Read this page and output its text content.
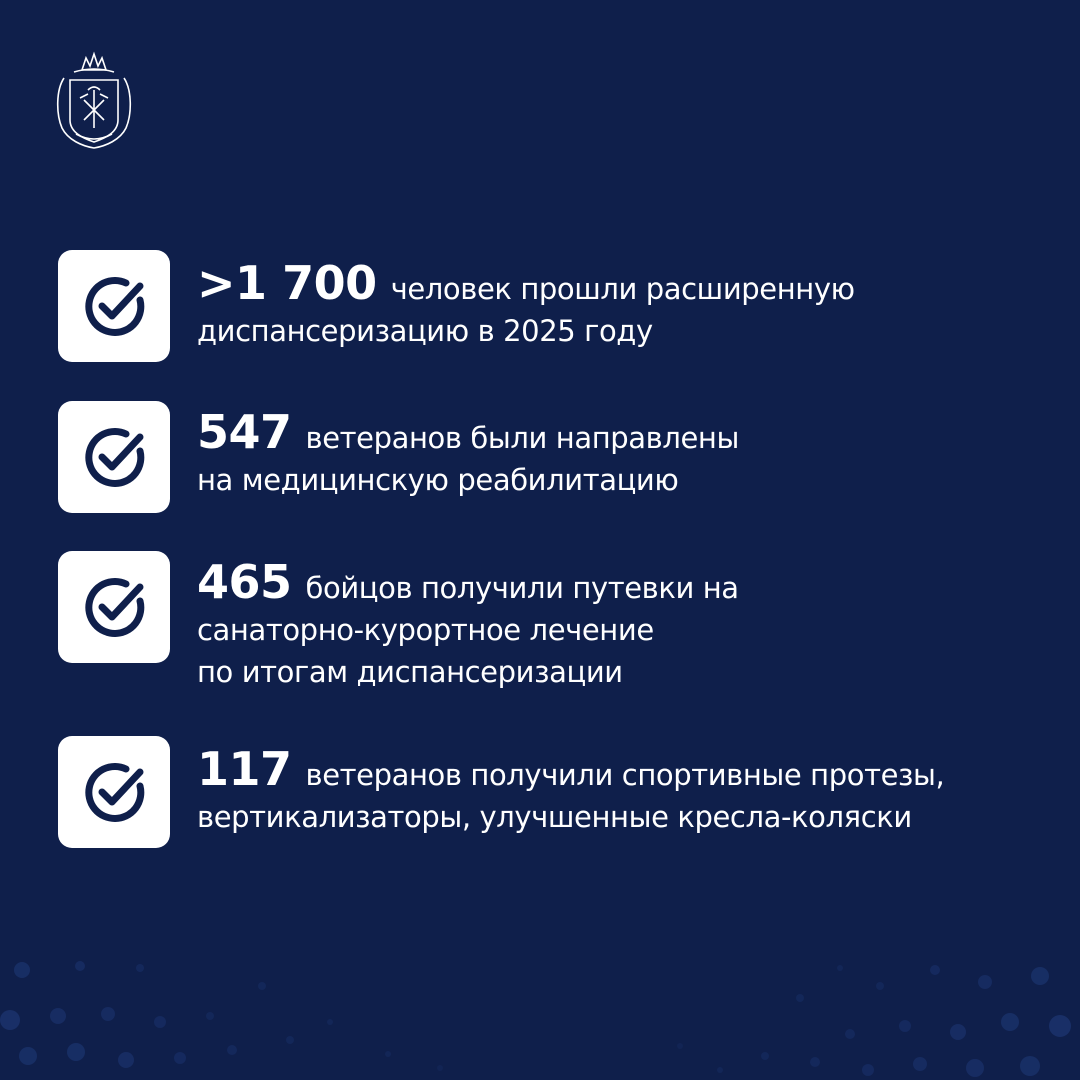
>1 700 человек прошли расширенную
диспансеризацию в 2025 году
547 ветеранов были направлены
на медицинскую реабилитацию
465 бойцов получили путевки на
санаторно-курортное лечение
по итогам диспансеризации
117 ветеранов получили спортивные протезы,
вертикализаторы, улучшенные кресла-коляски
